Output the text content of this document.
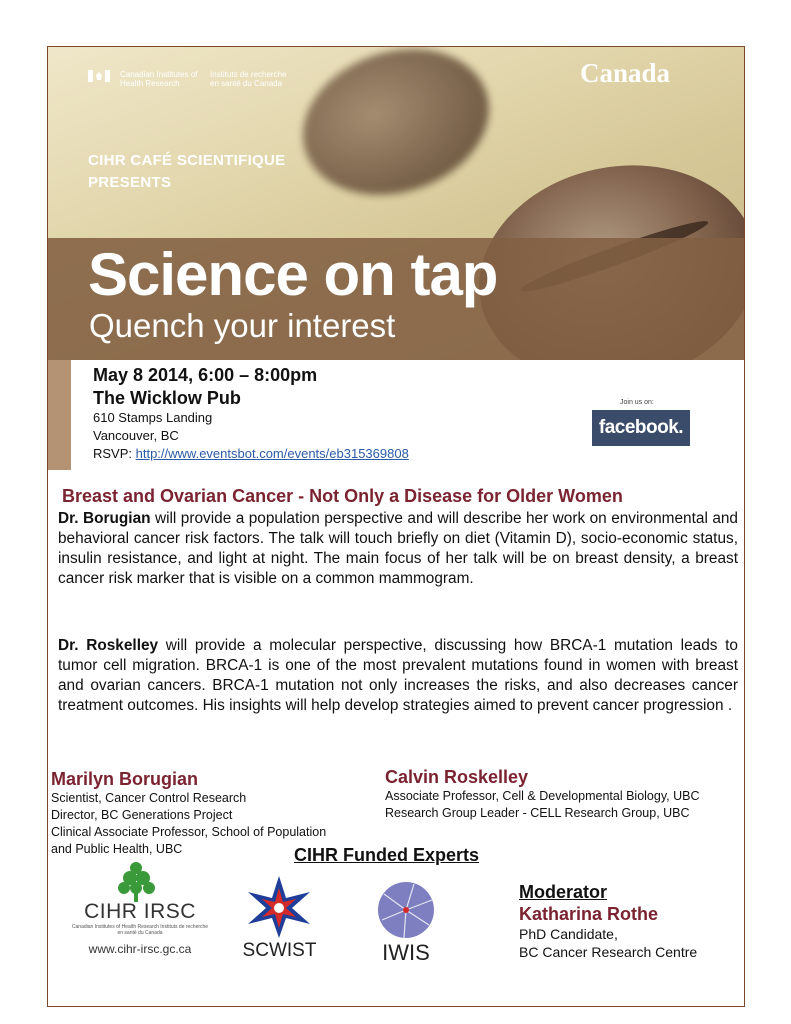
Canadian Institutes of Health Research
Instituts de recherche en santé du Canada	Canada
CIHR CAFÉ SCIENTIFIQUE
PRESENTS
Science on tap
Quench your interest
May 8 2014, 6:00 – 8:00pm
The Wicklow Pub
610 Stamps Landing
Vancouver, BC
RSVP: http://www.eventsbot.com/events/eb315369808
Join us on:
facebook.
Breast and Ovarian Cancer - Not Only a Disease for Older Women
Dr. Borugian will provide a population perspective and will describe her work on environmental and behavioral cancer risk factors. The talk will touch briefly on diet (Vitamin D), socio-economic status, insulin resistance, and light at night. The main focus of her talk will be on breast density, a breast cancer risk marker that is visible on a common mammogram.
Dr. Roskelley will provide a molecular perspective, discussing how BRCA-1 mutation leads to tumor cell migration. BRCA-1 is one of the most prevalent mutations found in women with breast and ovarian cancers. BRCA-1 mutation not only increases the risks, and also decreases cancer treatment outcomes. His insights will help develop strategies aimed to prevent cancer progression .
Marilyn Borugian
Scientist, Cancer Control Research
Director, BC Generations Project
Clinical Associate Professor, School of Population
and Public Health, UBC
Calvin Roskelley
Associate Professor, Cell & Developmental Biology, UBC
Research Group Leader - CELL Research Group, UBC
CIHR Funded Experts
Moderator
Katharina Rothe
PhD Candidate,
BC Cancer Research Centre
CIHR IRSC
Canadian Institutes of Health Research Instituts de recherche en santé du Canada
www.cihr-irsc.gc.ca	SCWIST	IWIS
